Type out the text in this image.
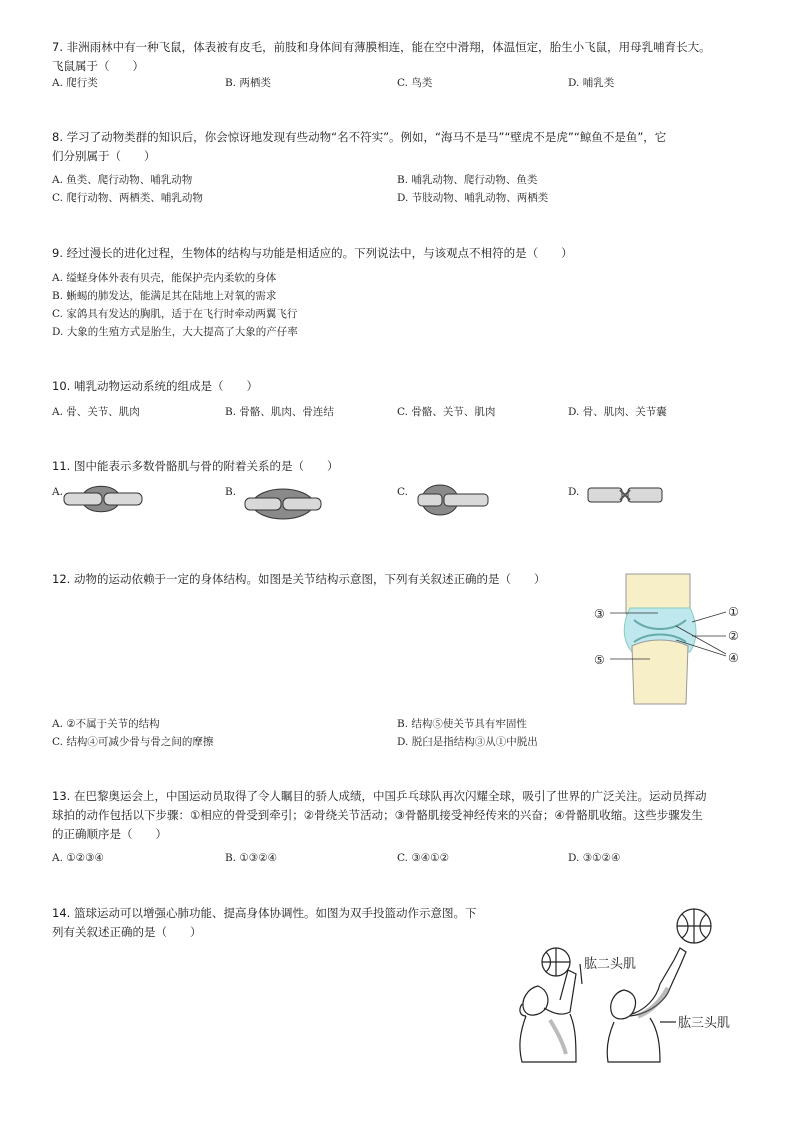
7. 非洲雨林中有一种飞鼠，体表被有皮毛，前肢和身体间有薄膜相连，能在空中滑翔，体温恒定，胎生小飞鼠，用母乳哺育长大。
飞鼠属于（　　）
A. 爬行类	B. 两栖类	C. 鸟类	D. 哺乳类
8. 学习了动物类群的知识后，你会惊讶地发现有些动物“名不符实”。例如，“海马不是马”“壁虎不是虎”“鲸鱼不是鱼”，它
们分别属于（　　）
A. 鱼类、爬行动物、哺乳动物	B. 哺乳动物、爬行动物、鱼类
C. 爬行动物、两栖类、哺乳动物	D. 节肢动物、哺乳动物、两栖类
9. 经过漫长的进化过程，生物体的结构与功能是相适应的。下列说法中，与该观点不相符的是（　　）
A. 缢蛏身体外表有贝壳，能保护壳内柔软的身体
B. 蜥蜴的肺发达，能满足其在陆地上对氧的需求
C. 家鸽具有发达的胸肌，适于在飞行时牵动两翼飞行
D. 大象的生殖方式是胎生，大大提高了大象的产仔率
10. 哺乳动物运动系统的组成是（　　）
A. 骨、关节、肌肉	B. 骨骼、肌肉、骨连结	C. 骨骼、关节、肌肉	D. 骨、肌肉、关节囊
11. 图中能表示多数骨骼肌与骨的附着关系的是（　　）
A.	B.	C.	D.
12. 动物的运动依赖于一定的身体结构。如图是关节结构示意图，下列有关叙述正确的是（　　）
③	①
②
⑤	④
A. ②不属于关节的结构	B. 结构⑤使关节具有牢固性
C. 结构④可减少骨与骨之间的摩擦	D. 脱臼是指结构③从①中脱出
13. 在巴黎奥运会上，中国运动员取得了令人瞩目的骄人成绩，中国乒乓球队再次闪耀全球，吸引了世界的广泛关注。运动员挥动
球拍的动作包括以下步骤：①相应的骨受到牵引；②骨绕关节活动；③骨骼肌接受神经传来的兴奋；④骨骼肌收缩。这些步骤发生
的正确顺序是（　　）
A. ①②③④	B. ①③②④	C. ③④①②	D. ③①②④
14. 篮球运动可以增强心肺功能、提高身体协调性。如图为双手投篮动作示意图。下
列有关叙述正确的是（　　）
肱二头肌
肱三头肌
